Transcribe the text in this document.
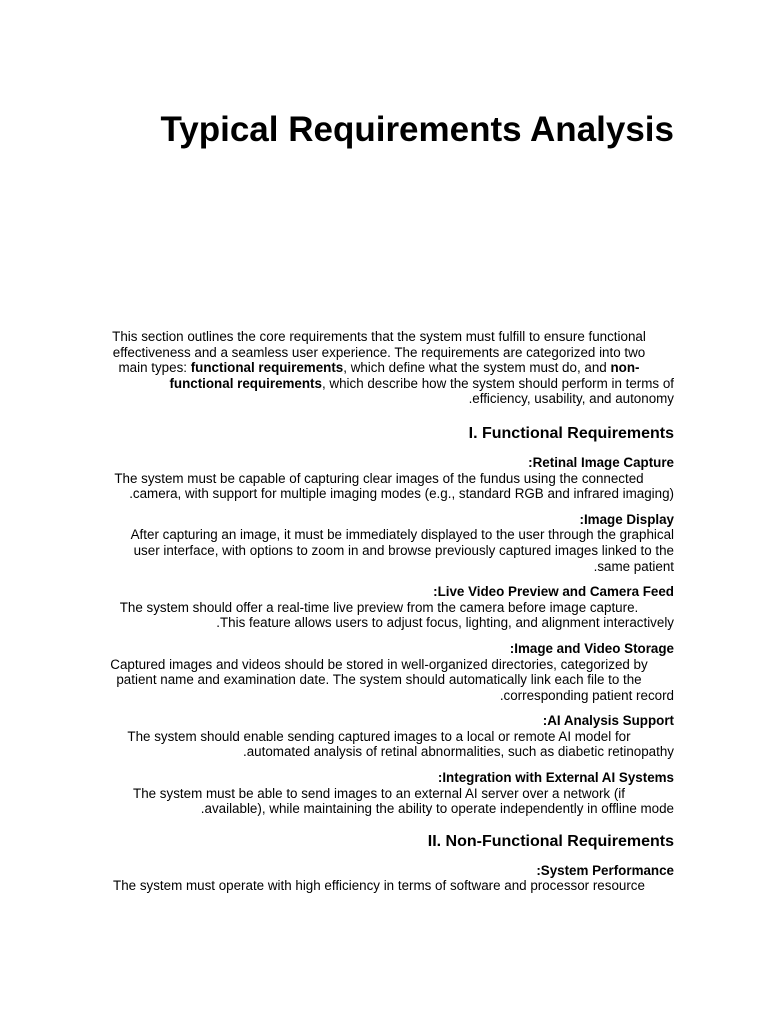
Typical Requirements Analysis

This section outlines the core requirements that the system must fulfill to ensure functional
effectiveness and a seamless user experience. The requirements are categorized into two
main types: functional requirements, which define what the system must do, and non-
functional requirements, which describe how the system should perform in terms of
.efficiency, usability, and autonomy

I. Functional Requirements
:Retinal Image Capture
The system must be capable of capturing clear images of the fundus using the connected
.camera, with support for multiple imaging modes (e.g., standard RGB and infrared imaging)
:Image Display
After capturing an image, it must be immediately displayed to the user through the graphical
user interface, with options to zoom in and browse previously captured images linked to the
.same patient
:Live Video Preview and Camera Feed
The system should offer a real-time live preview from the camera before image capture.
.This feature allows users to adjust focus, lighting, and alignment interactively
:Image and Video Storage
Captured images and videos should be stored in well-organized directories, categorized by
patient name and examination date. The system should automatically link each file to the
.corresponding patient record
:AI Analysis Support
The system should enable sending captured images to a local or remote AI model for
.automated analysis of retinal abnormalities, such as diabetic retinopathy
:Integration with External AI Systems
The system must be able to send images to an external AI server over a network (if
.available), while maintaining the ability to operate independently in offline mode
II. Non-Functional Requirements
:System Performance
The system must operate with high efficiency in terms of software and processor resource
